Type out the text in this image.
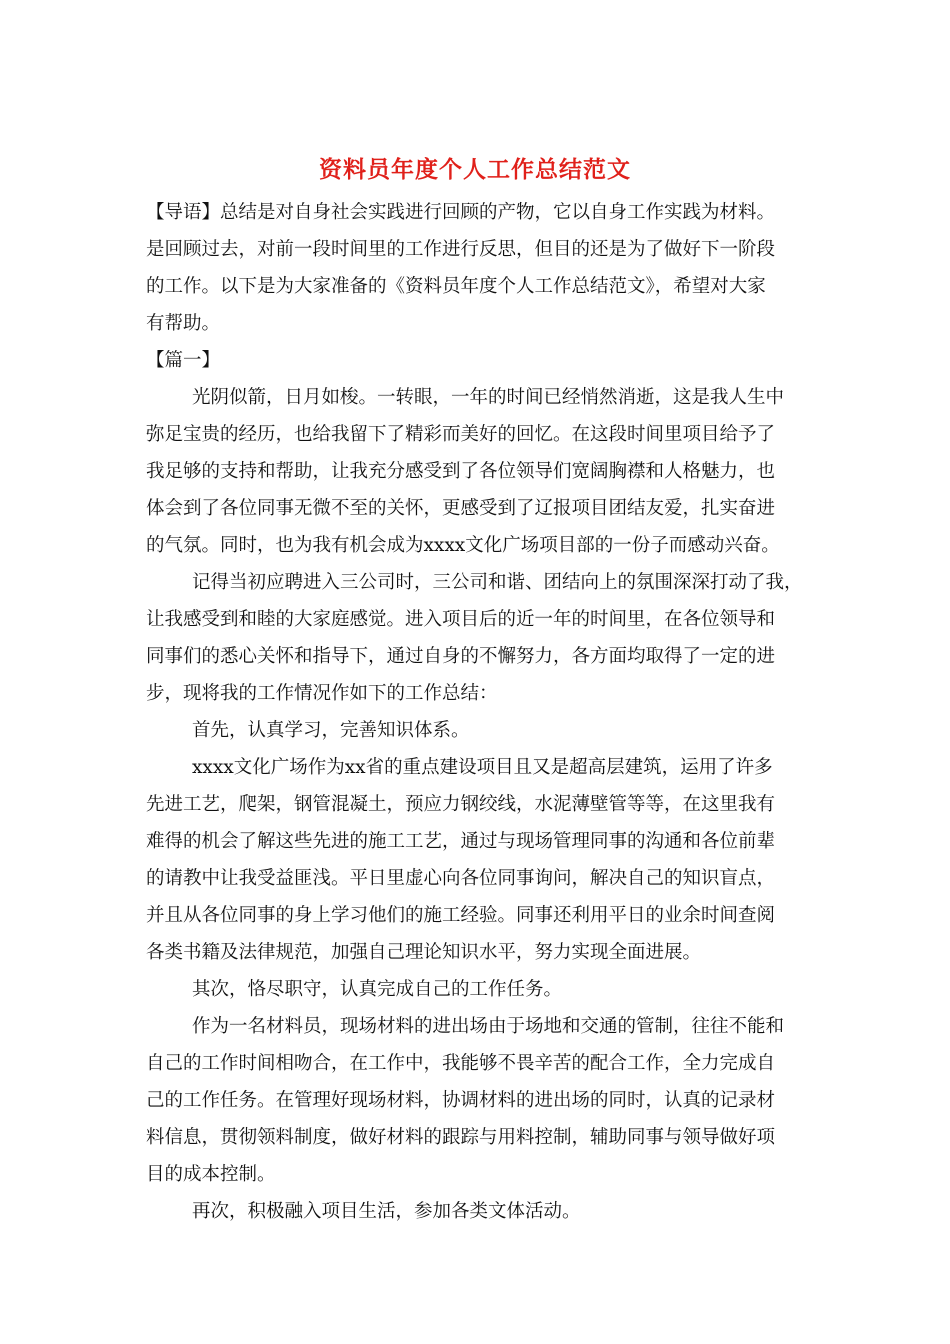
资料员年度个人工作总结范文
【导语】总结是对自身社会实践进行回顾的产物，它以自身工作实践为材料。
是回顾过去，对前一段时间里的工作进行反思，但目的还是为了做好下一阶段
的工作。以下是为大家准备的《资料员年度个人工作总结范文》，希望对大家
有帮助。
【篇一】
光阴似箭，日月如梭。一转眼，一年的时间已经悄然消逝，这是我人生中
弥足宝贵的经历，也给我留下了精彩而美好的回忆。在这段时间里项目给予了
我足够的支持和帮助，让我充分感受到了各位领导们宽阔胸襟和人格魅力，也
体会到了各位同事无微不至的关怀，更感受到了辽报项目团结友爱，扎实奋进
的气氛。同时，也为我有机会成为xxxx文化广场项目部的一份子而感动兴奋。
记得当初应聘进入三公司时，三公司和谐、团结向上的氛围深深打动了我，
让我感受到和睦的大家庭感觉。进入项目后的近一年的时间里，在各位领导和
同事们的悉心关怀和指导下，通过自身的不懈努力，各方面均取得了一定的进
步，现将我的工作情况作如下的工作总结：
首先，认真学习，完善知识体系。
xxxx文化广场作为xx省的重点建设项目且又是超高层建筑，运用了许多
先进工艺，爬架，钢管混凝土，预应力钢绞线，水泥薄壁管等等，在这里我有
难得的机会了解这些先进的施工工艺，通过与现场管理同事的沟通和各位前辈
的请教中让我受益匪浅。平日里虚心向各位同事询问，解决自己的知识盲点，
并且从各位同事的身上学习他们的施工经验。同事还利用平日的业余时间查阅
各类书籍及法律规范，加强自己理论知识水平，努力实现全面进展。
其次，恪尽职守，认真完成自己的工作任务。
作为一名材料员，现场材料的进出场由于场地和交通的管制，往往不能和
自己的工作时间相吻合，在工作中，我能够不畏辛苦的配合工作，全力完成自
己的工作任务。在管理好现场材料，协调材料的进出场的同时，认真的记录材
料信息，贯彻领料制度，做好材料的跟踪与用料控制，辅助同事与领导做好项
目的成本控制。
再次，积极融入项目生活，参加各类文体活动。
